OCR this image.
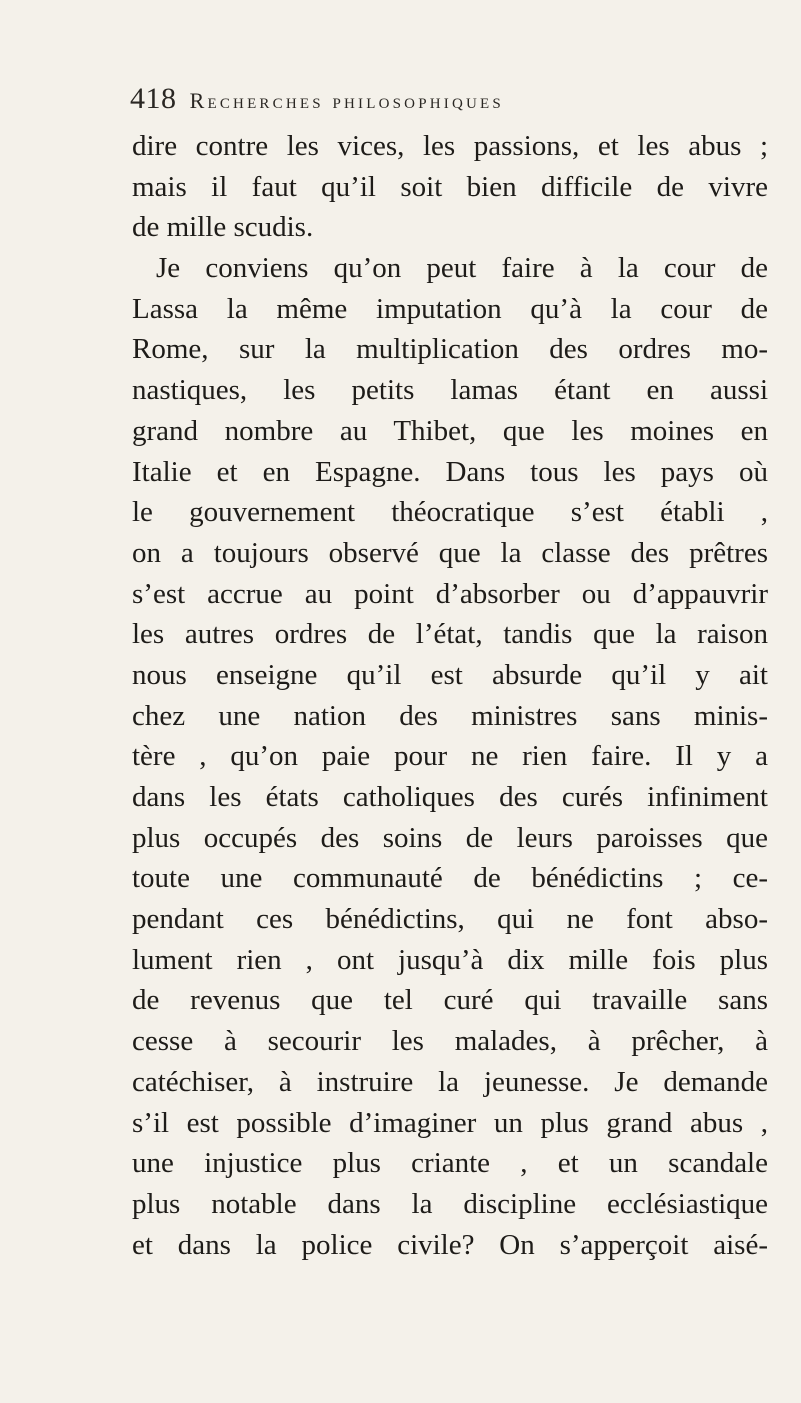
418 Recherches philosophiques
dire contre les vices, les passions, et les abus ;
mais il faut qu’il soit bien difficile de vivre
de mille scudis.
Je conviens qu’on peut faire à la cour de
Lassa la même imputation qu’à la cour de
Rome, sur la multiplication des ordres mo-
nastiques, les petits lamas étant en aussi
grand nombre au Thibet, que les moines en
Italie et en Espagne. Dans tous les pays où
le gouvernement théocratique s’est établi ,
on a toujours observé que la classe des prêtres
s’est accrue au point d’absorber ou d’appauvrir
les autres ordres de l’état, tandis que la raison
nous enseigne qu’il est absurde qu’il y ait
chez une nation des ministres sans minis-
tère , qu’on paie pour ne rien faire. Il y a
dans les états catholiques des curés infiniment
plus occupés des soins de leurs paroisses que
toute une communauté de bénédictins ; ce-
pendant ces bénédictins, qui ne font abso-
lument rien , ont jusqu’à dix mille fois plus
de revenus que tel curé qui travaille sans
cesse à secourir les malades, à prêcher, à
catéchiser, à instruire la jeunesse. Je demande
s’il est possible d’imaginer un plus grand abus ,
une injustice plus criante , et un scandale
plus notable dans la discipline ecclésiastique
et dans la police civile? On s’apperçoit aisé-
